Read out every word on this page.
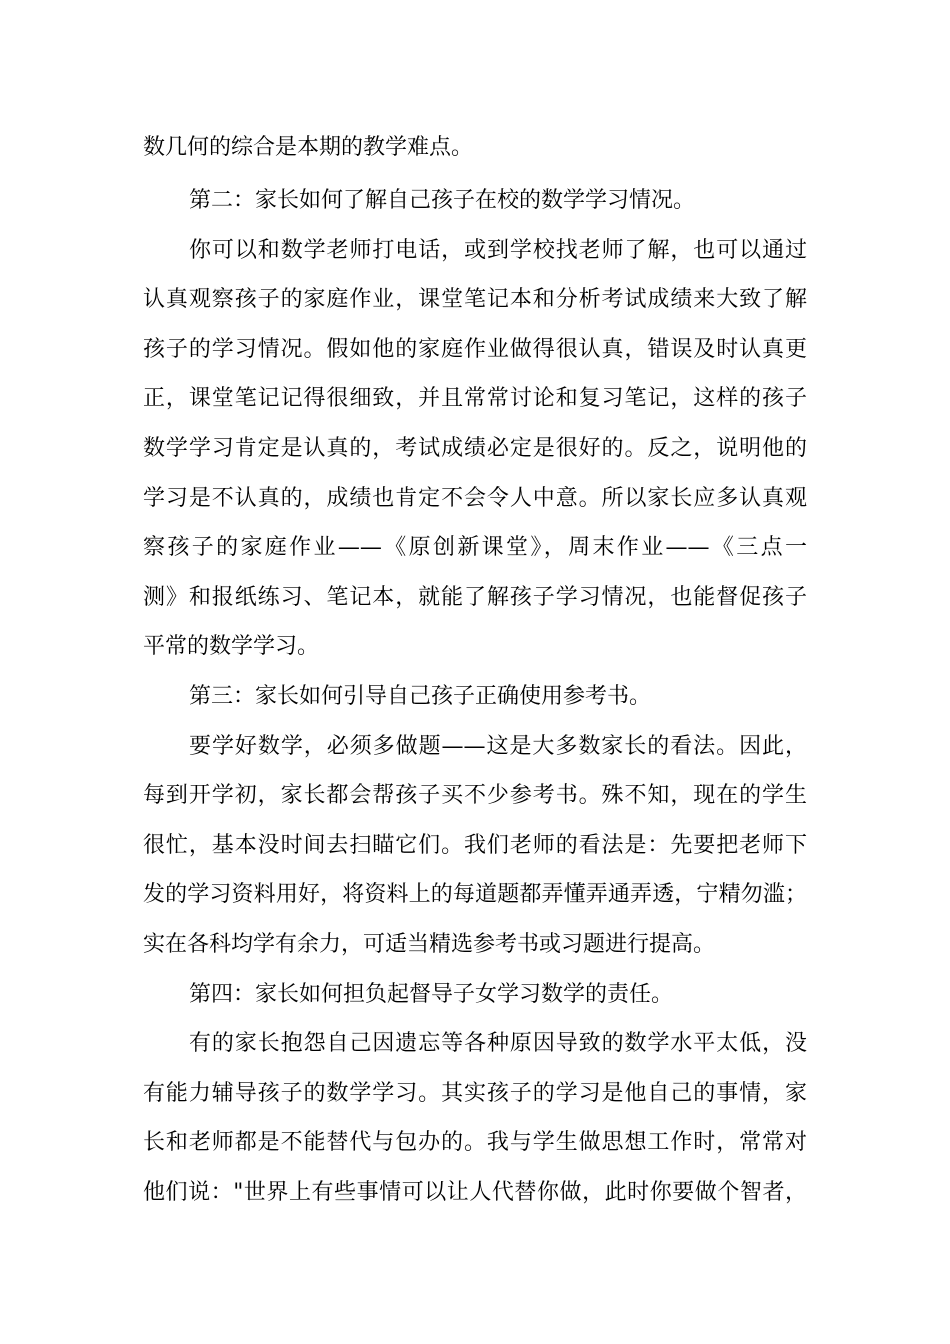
数几何的综合是本期的教学难点。
第二：家长如何了解自己孩子在校的数学学习情况。
你可以和数学老师打电话，或到学校找老师了解，也可以通过
认真观察孩子的家庭作业，课堂笔记本和分析考试成绩来大致了解
孩子的学习情况。假如他的家庭作业做得很认真，错误及时认真更
正，课堂笔记记得很细致，并且常常讨论和复习笔记，这样的孩子
数学学习肯定是认真的，考试成绩必定是很好的。反之，说明他的
学习是不认真的，成绩也肯定不会令人中意。所以家长应多认真观
察孩子的家庭作业——《原创新课堂》，周末作业——《三点一
测》和报纸练习、笔记本，就能了解孩子学习情况，也能督促孩子
平常的数学学习。
第三：家长如何引导自己孩子正确使用参考书。
要学好数学，必须多做题——这是大多数家长的看法。因此，
每到开学初，家长都会帮孩子买不少参考书。殊不知，现在的学生
很忙，基本没时间去扫瞄它们。我们老师的看法是：先要把老师下
发的学习资料用好，将资料上的每道题都弄懂弄通弄透，宁精勿滥；
实在各科均学有余力，可适当精选参考书或习题进行提高。
第四：家长如何担负起督导子女学习数学的责任。
有的家长抱怨自己因遗忘等各种原因导致的数学水平太低，没
有能力辅导孩子的数学学习。其实孩子的学习是他自己的事情，家
长和老师都是不能替代与包办的。我与学生做思想工作时，常常对
他们说："世界上有些事情可以让人代替你做，此时你要做个智者，
